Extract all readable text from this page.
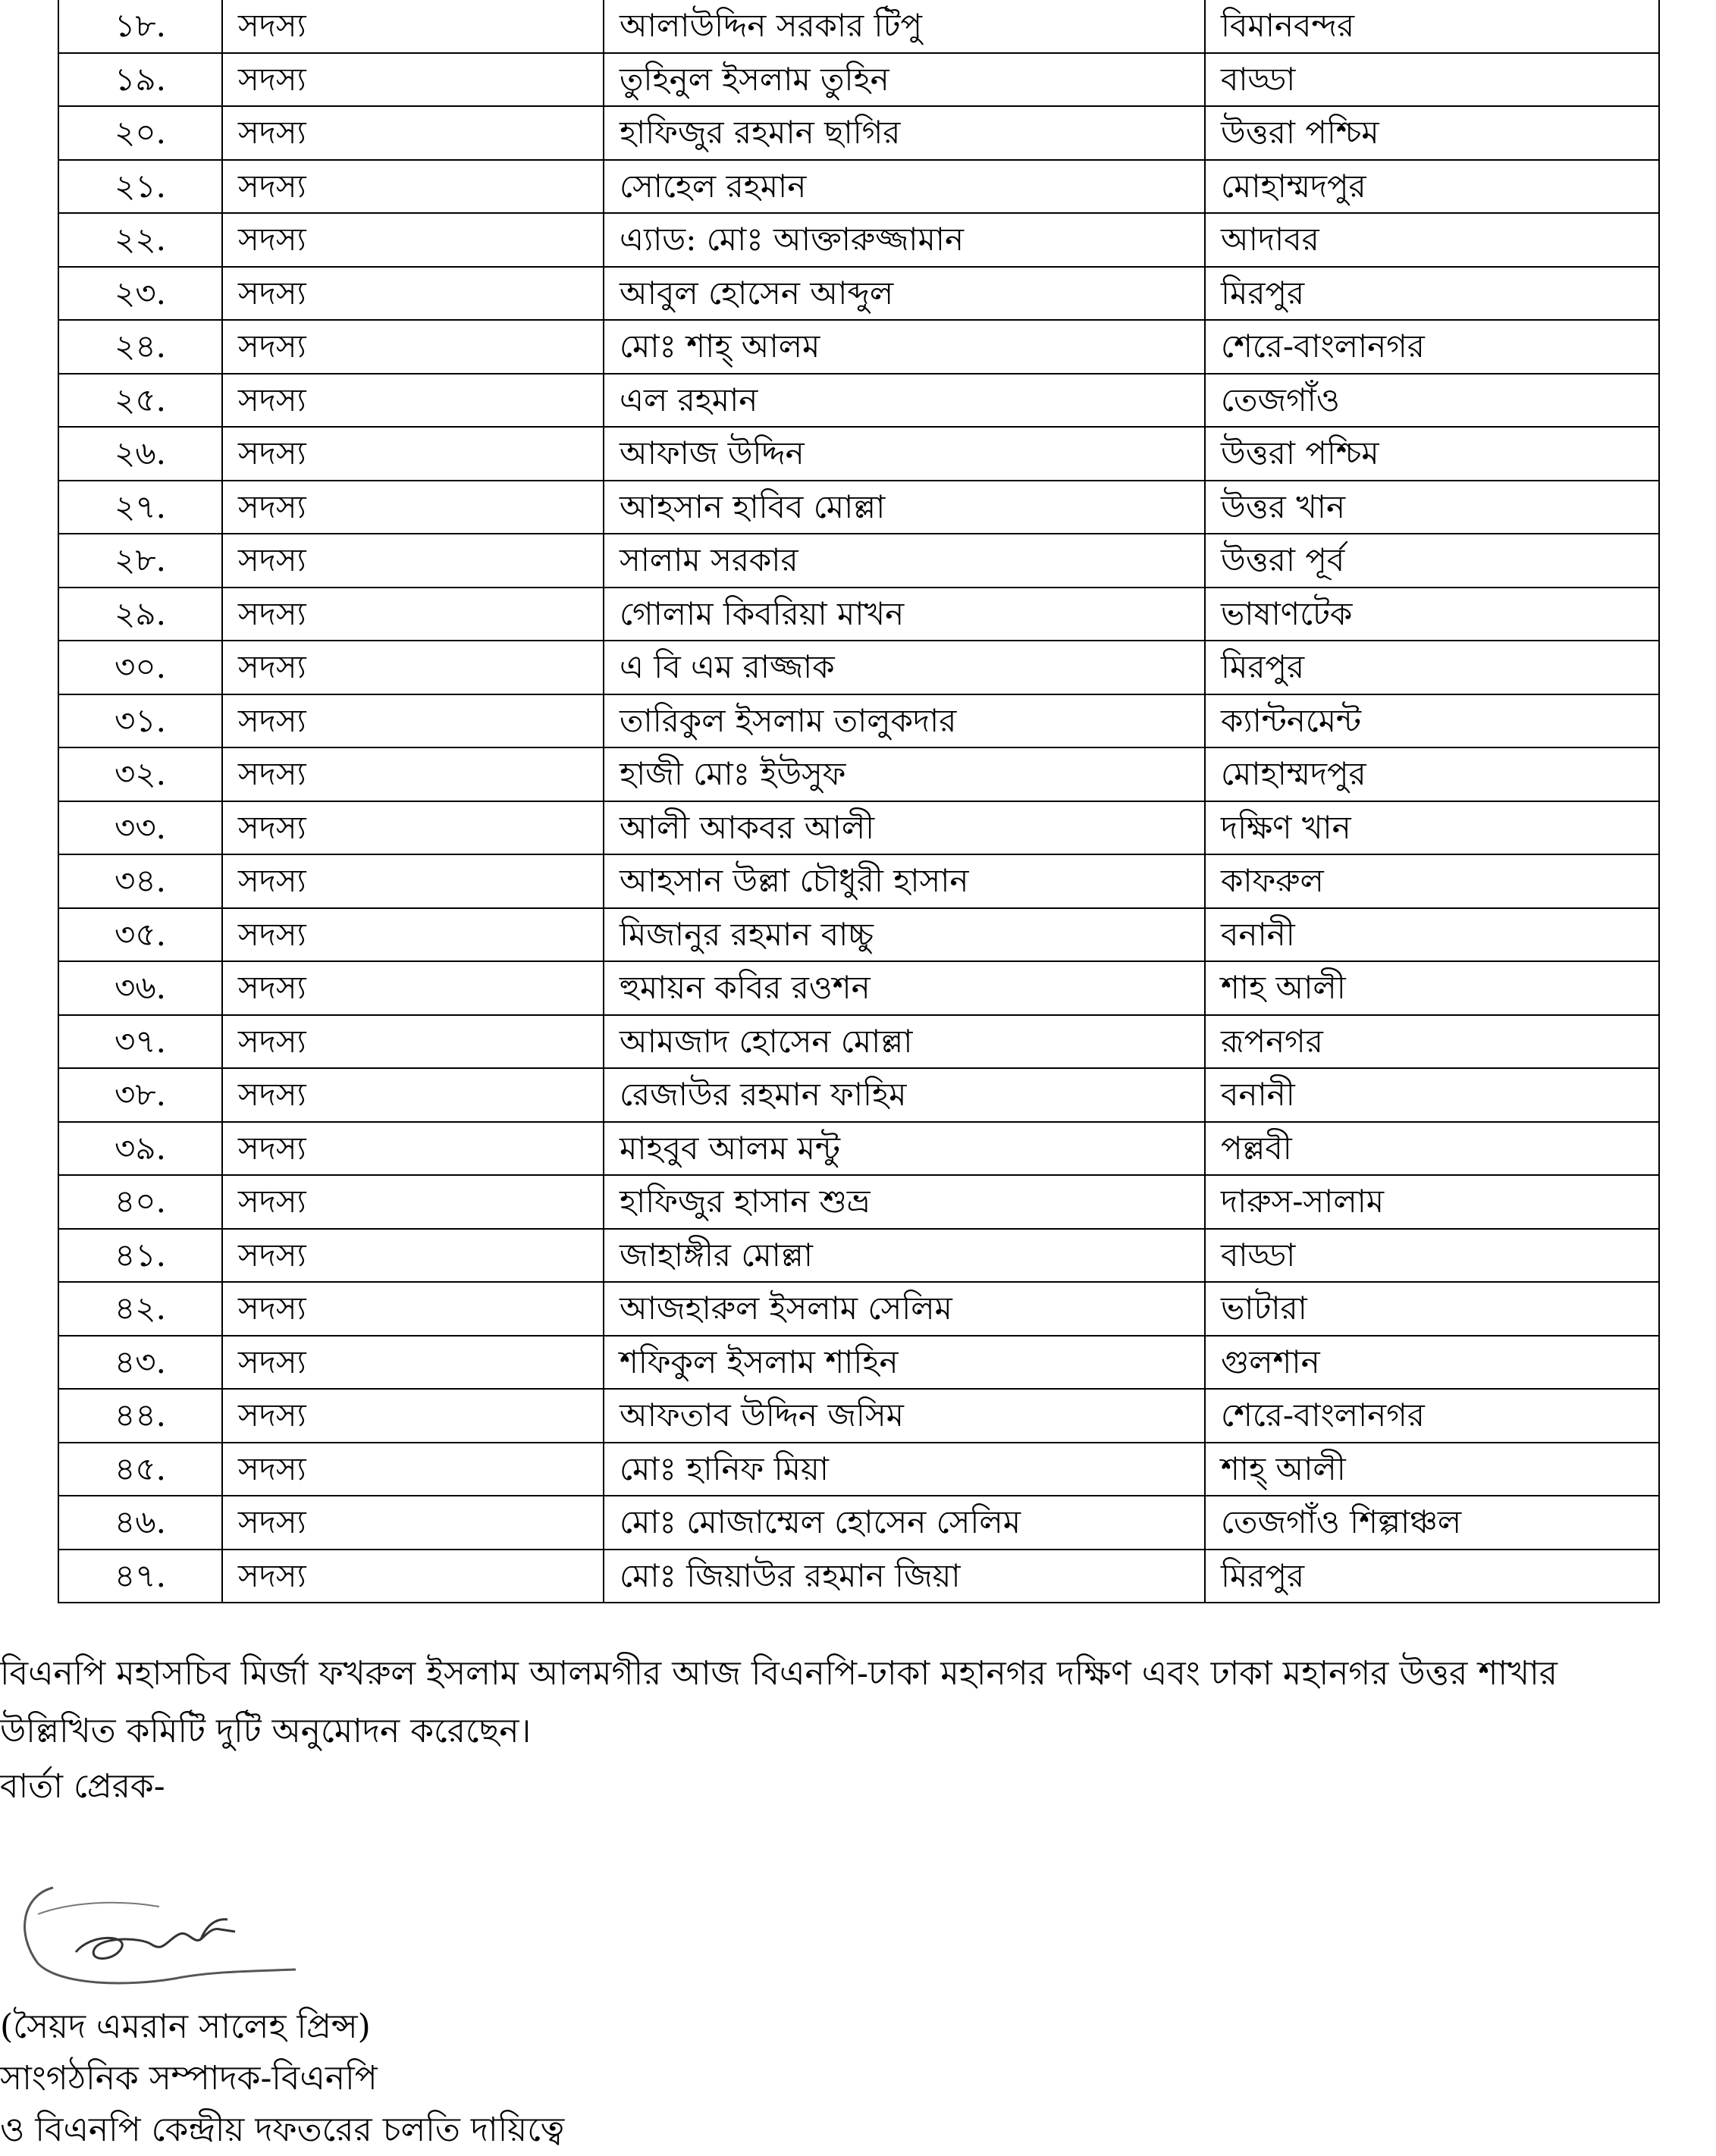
১৮.	সদস্য	আলাউদ্দিন সরকার টিপু	বিমানবন্দর
১৯.	সদস্য	তুহিনুল ইসলাম তুহিন	বাড্ডা
২০.	সদস্য	হাফিজুর রহমান ছাগির	উত্তরা পশ্চিম
২১.	সদস্য	সোহেল রহমান	মোহাম্মদপুর
২২.	সদস্য	এ্যাড: মোঃ আক্তারুজ্জামান	আদাবর
২৩.	সদস্য	আবুল হোসেন আব্দুল	মিরপুর
২৪.	সদস্য	মোঃ শাহ্ আলম	শেরে-বাংলানগর
২৫.	সদস্য	এল রহমান	তেজগাঁও
২৬.	সদস্য	আফাজ উদ্দিন	উত্তরা পশ্চিম
২৭.	সদস্য	আহসান হাবিব মোল্লা	উত্তর খান
২৮.	সদস্য	সালাম সরকার	উত্তরা পূর্ব
২৯.	সদস্য	গোলাম কিবরিয়া মাখন	ভাষাণটেক
৩০.	সদস্য	এ বি এম রাজ্জাক	মিরপুর
৩১.	সদস্য	তারিকুল ইসলাম তালুকদার	ক্যান্টনমেন্ট
৩২.	সদস্য	হাজী মোঃ ইউসুফ	মোহাম্মদপুর
৩৩.	সদস্য	আলী আকবর আলী	দক্ষিণ খান
৩৪.	সদস্য	আহসান উল্লা চৌধুরী হাসান	কাফরুল
৩৫.	সদস্য	মিজানুর রহমান বাচ্চু	বনানী
৩৬.	সদস্য	হুমায়ন কবির রওশন	শাহ আলী
৩৭.	সদস্য	আমজাদ হোসেন মোল্লা	রূপনগর
৩৮.	সদস্য	রেজাউর রহমান ফাহিম	বনানী
৩৯.	সদস্য	মাহবুব আলম মন্টু	পল্লবী
৪০.	সদস্য	হাফিজুর হাসান শুভ্র	দারুস-সালাম
৪১.	সদস্য	জাহাঙ্গীর মোল্লা	বাড্ডা
৪২.	সদস্য	আজহারুল ইসলাম সেলিম	ভাটারা
৪৩.	সদস্য	শফিকুল ইসলাম শাহিন	গুলশান
৪৪.	সদস্য	আফতাব উদ্দিন জসিম	শেরে-বাংলানগর
৪৫.	সদস্য	মোঃ হানিফ মিয়া	শাহ্ আলী
৪৬.	সদস্য	মোঃ মোজাম্মেল হোসেন সেলিম	তেজগাঁও শিল্পাঞ্চল
৪৭.	সদস্য	মোঃ জিয়াউর রহমান জিয়া	মিরপুর

বিএনপি মহাসচিব মির্জা ফখরুল ইসলাম আলমগীর আজ বিএনপি-ঢাকা মহানগর দক্ষিণ এবং ঢাকা মহানগর উত্তর শাখার
উল্লিখিত কমিটি দুটি অনুমোদন করেছেন।

বার্তা প্রেরক-

(সৈয়দ এমরান সালেহ প্রিন্স)
সাংগঠনিক সম্পাদক-বিএনপি
ও বিএনপি কেন্দ্রীয় দফতরের চলতি দায়িত্বে
